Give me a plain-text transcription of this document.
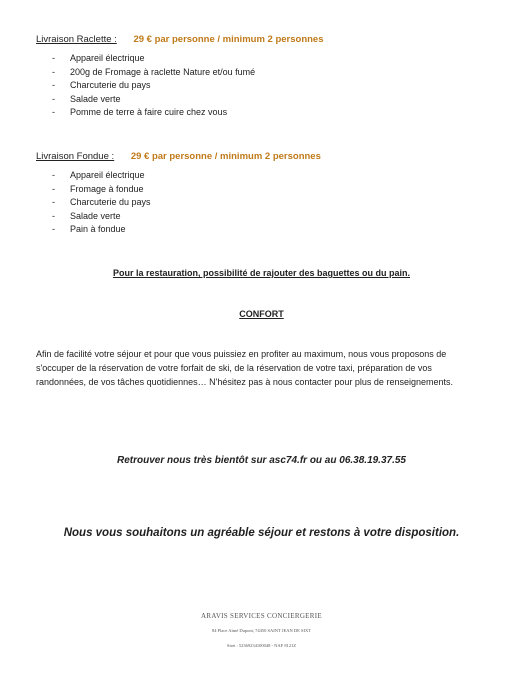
Livraison Raclette : 29 € par personne / minimum 2 personnes
- Appareil électrique
- 200g de Fromage à raclette Nature et/ou fumé
- Charcuterie du pays
- Salade verte
- Pomme de terre à faire cuire chez vous
Livraison Fondue : 29 € par personne / minimum 2 personnes
- Appareil électrique
- Fromage à fondue
- Charcuterie du pays
- Salade verte
- Pain à fondue
Pour la restauration, possibilité de rajouter des baguettes ou du pain.
CONFORT
Afin de facilité votre séjour et pour que vous puissiez en profiter au maximum, nous vous proposons de s'occuper de la réservation de votre forfait de ski, de la réservation de votre taxi, préparation de vos randonnées, de vos tâches quotidiennes… N'hésitez pas à nous contacter pour plus de renseignements.
Retrouver nous très bientôt sur asc74.fr ou au 06.38.19.37.55
Nous vous souhaitons un agréable séjour et restons à votre disposition.
ARAVIS SERVICES CONCIERGERIE
84 Place Aimé Dupont, 74450 SAINT JEAN DE SIXT
Siret : 52369234100048 - NAF 8121Z
